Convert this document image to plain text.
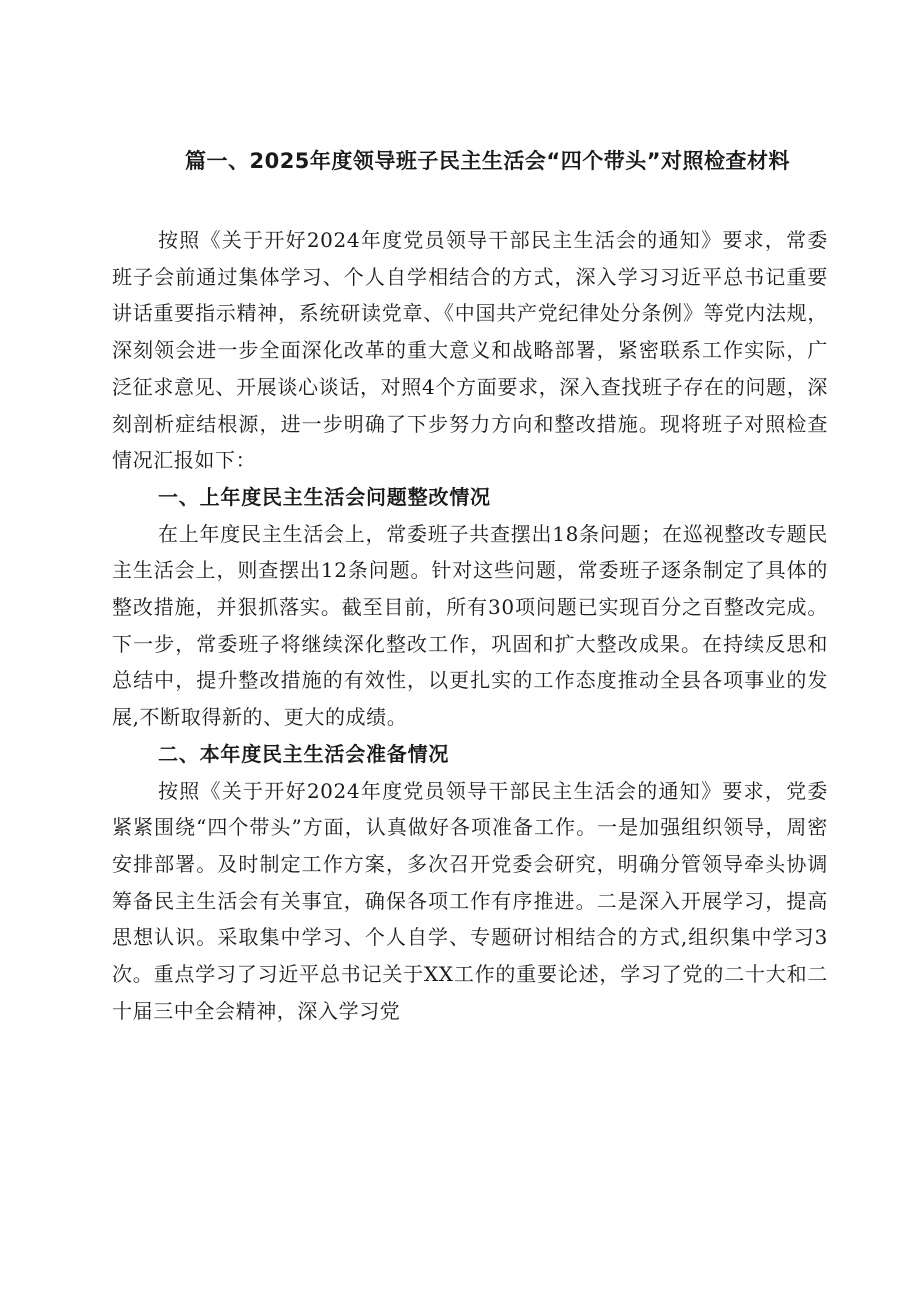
篇一、2025年度领导班子民主生活会“四个带头”对照检查材料

按照《关于开好2024年度党员领导干部民主生活会的通知》要求，常委班子会前通过集体学习、个人自学相结合的方式，深入学习习近平总书记重要讲话重要指示精神，系统研读党章、《中国共产党纪律处分条例》等党内法规，深刻领会进一步全面深化改革的重大意义和战略部署，紧密联系工作实际，广泛征求意见、开展谈心谈话，对照4个方面要求，深入查找班子存在的问题，深刻剖析症结根源，进一步明确了下步努力方向和整改措施。现将班子对照检查情况汇报如下：

一、上年度民主生活会问题整改情况

在上年度民主生活会上，常委班子共查摆出18条问题；在巡视整改专题民主生活会上，则查摆出12条问题。针对这些问题，常委班子逐条制定了具体的整改措施，并狠抓落实。截至目前，所有30项问题已实现百分之百整改完成。下一步，常委班子将继续深化整改工作，巩固和扩大整改成果。在持续反思和总结中，提升整改措施的有效性，以更扎实的工作态度推动全县各项事业的发展,不断取得新的、更大的成绩。

二、本年度民主生活会准备情况

按照《关于开好2024年度党员领导干部民主生活会的通知》要求，党委紧紧围绕“四个带头”方面，认真做好各项准备工作。一是加强组织领导，周密安排部署。及时制定工作方案，多次召开党委会研究，明确分管领导牵头协调筹备民主生活会有关事宜，确保各项工作有序推进。二是深入开展学习，提高思想认识。采取集中学习、个人自学、专题研讨相结合的方式,组织集中学习3次。重点学习了习近平总书记关于XX工作的重要论述，学习了党的二十大和二十届三中全会精神，深入学习党
